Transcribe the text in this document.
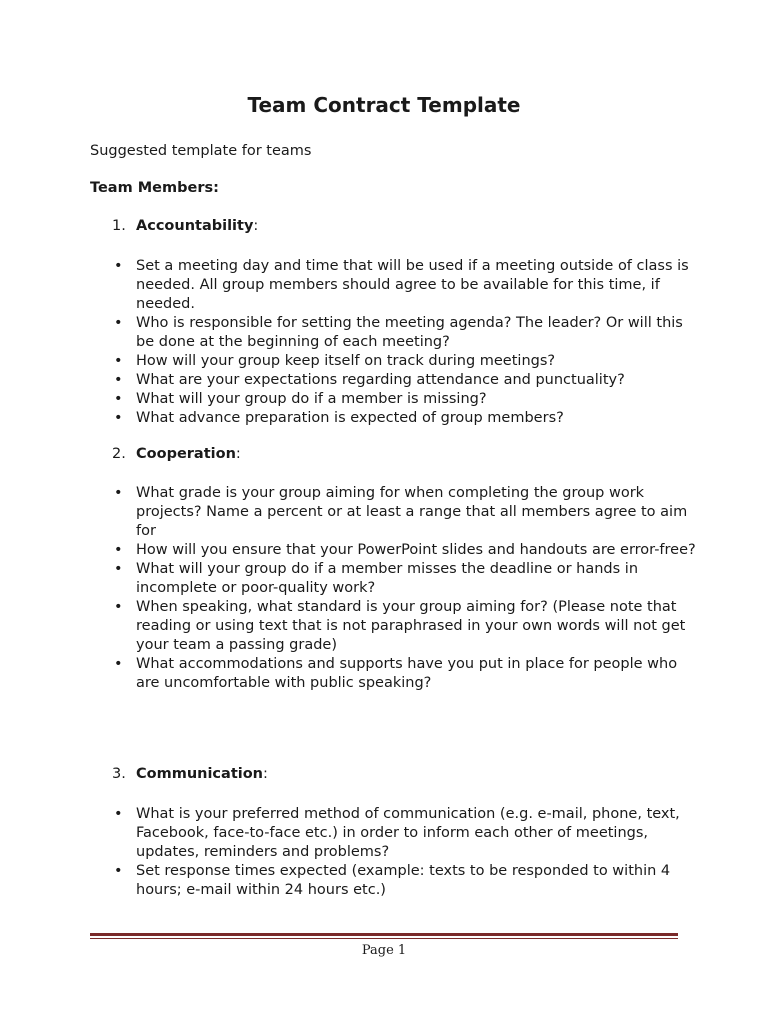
Team Contract Template
Suggested template for teams
Team Members:
1. Accountability:
• Set a meeting day and time that will be used if a meeting outside of class is needed. All group members should agree to be available for this time, if needed.
• Who is responsible for setting the meeting agenda? The leader? Or will this be done at the beginning of each meeting?
• How will your group keep itself on track during meetings?
• What are your expectations regarding attendance and punctuality?
• What will your group do if a member is missing?
• What advance preparation is expected of group members?
2. Cooperation:
• What grade is your group aiming for when completing the group work projects? Name a percent or at least a range that all members agree to aim for
• How will you ensure that your PowerPoint slides and handouts are error-free?
• What will your group do if a member misses the deadline or hands in incomplete or poor-quality work?
• When speaking, what standard is your group aiming for? (Please note that reading or using text that is not paraphrased in your own words will not get your team a passing grade)
• What accommodations and supports have you put in place for people who are uncomfortable with public speaking?
3. Communication:
• What is your preferred method of communication (e.g. e-mail, phone, text, Facebook, face-to-face etc.) in order to inform each other of meetings, updates, reminders and problems?
• Set response times expected (example: texts to be responded to within 4 hours; e-mail within 24 hours etc.)
Page 1
